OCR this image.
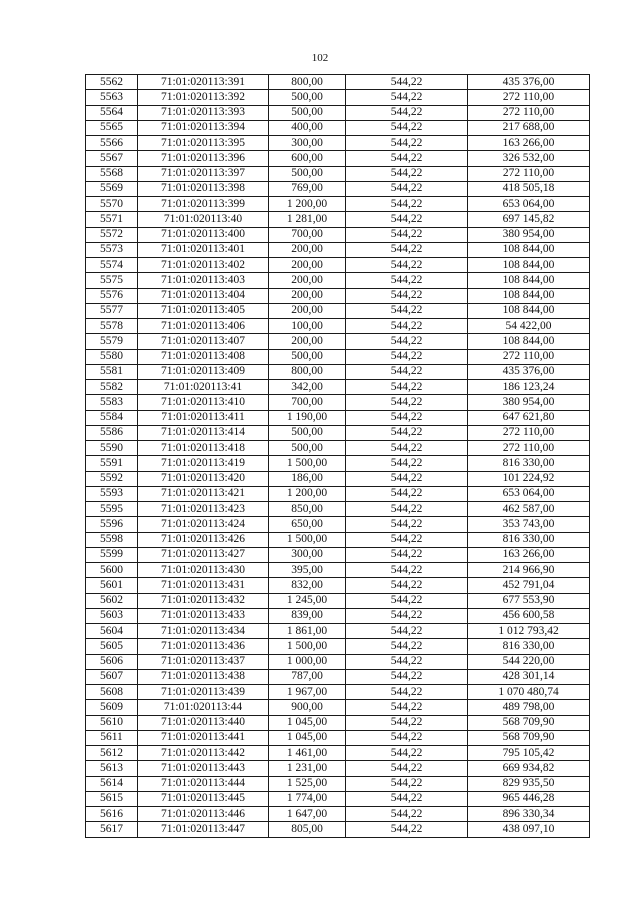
102
5562	71:01:020113:391	800,00	544,22	435 376,00
5563	71:01:020113:392	500,00	544,22	272 110,00
5564	71:01:020113:393	500,00	544,22	272 110,00
5565	71:01:020113:394	400,00	544,22	217 688,00
5566	71:01:020113:395	300,00	544,22	163 266,00
5567	71:01:020113:396	600,00	544,22	326 532,00
5568	71:01:020113:397	500,00	544,22	272 110,00
5569	71:01:020113:398	769,00	544,22	418 505,18
5570	71:01:020113:399	1 200,00	544,22	653 064,00
5571	71:01:020113:40	1 281,00	544,22	697 145,82
5572	71:01:020113:400	700,00	544,22	380 954,00
5573	71:01:020113:401	200,00	544,22	108 844,00
5574	71:01:020113:402	200,00	544,22	108 844,00
5575	71:01:020113:403	200,00	544,22	108 844,00
5576	71:01:020113:404	200,00	544,22	108 844,00
5577	71:01:020113:405	200,00	544,22	108 844,00
5578	71:01:020113:406	100,00	544,22	54 422,00
5579	71:01:020113:407	200,00	544,22	108 844,00
5580	71:01:020113:408	500,00	544,22	272 110,00
5581	71:01:020113:409	800,00	544,22	435 376,00
5582	71:01:020113:41	342,00	544,22	186 123,24
5583	71:01:020113:410	700,00	544,22	380 954,00
5584	71:01:020113:411	1 190,00	544,22	647 621,80
5586	71:01:020113:414	500,00	544,22	272 110,00
5590	71:01:020113:418	500,00	544,22	272 110,00
5591	71:01:020113:419	1 500,00	544,22	816 330,00
5592	71:01:020113:420	186,00	544,22	101 224,92
5593	71:01:020113:421	1 200,00	544,22	653 064,00
5595	71:01:020113:423	850,00	544,22	462 587,00
5596	71:01:020113:424	650,00	544,22	353 743,00
5598	71:01:020113:426	1 500,00	544,22	816 330,00
5599	71:01:020113:427	300,00	544,22	163 266,00
5600	71:01:020113:430	395,00	544,22	214 966,90
5601	71:01:020113:431	832,00	544,22	452 791,04
5602	71:01:020113:432	1 245,00	544,22	677 553,90
5603	71:01:020113:433	839,00	544,22	456 600,58
5604	71:01:020113:434	1 861,00	544,22	1 012 793,42
5605	71:01:020113:436	1 500,00	544,22	816 330,00
5606	71:01:020113:437	1 000,00	544,22	544 220,00
5607	71:01:020113:438	787,00	544,22	428 301,14
5608	71:01:020113:439	1 967,00	544,22	1 070 480,74
5609	71:01:020113:44	900,00	544,22	489 798,00
5610	71:01:020113:440	1 045,00	544,22	568 709,90
5611	71:01:020113:441	1 045,00	544,22	568 709,90
5612	71:01:020113:442	1 461,00	544,22	795 105,42
5613	71:01:020113:443	1 231,00	544,22	669 934,82
5614	71:01:020113:444	1 525,00	544,22	829 935,50
5615	71:01:020113:445	1 774,00	544,22	965 446,28
5616	71:01:020113:446	1 647,00	544,22	896 330,34
5617	71:01:020113:447	805,00	544,22	438 097,10
